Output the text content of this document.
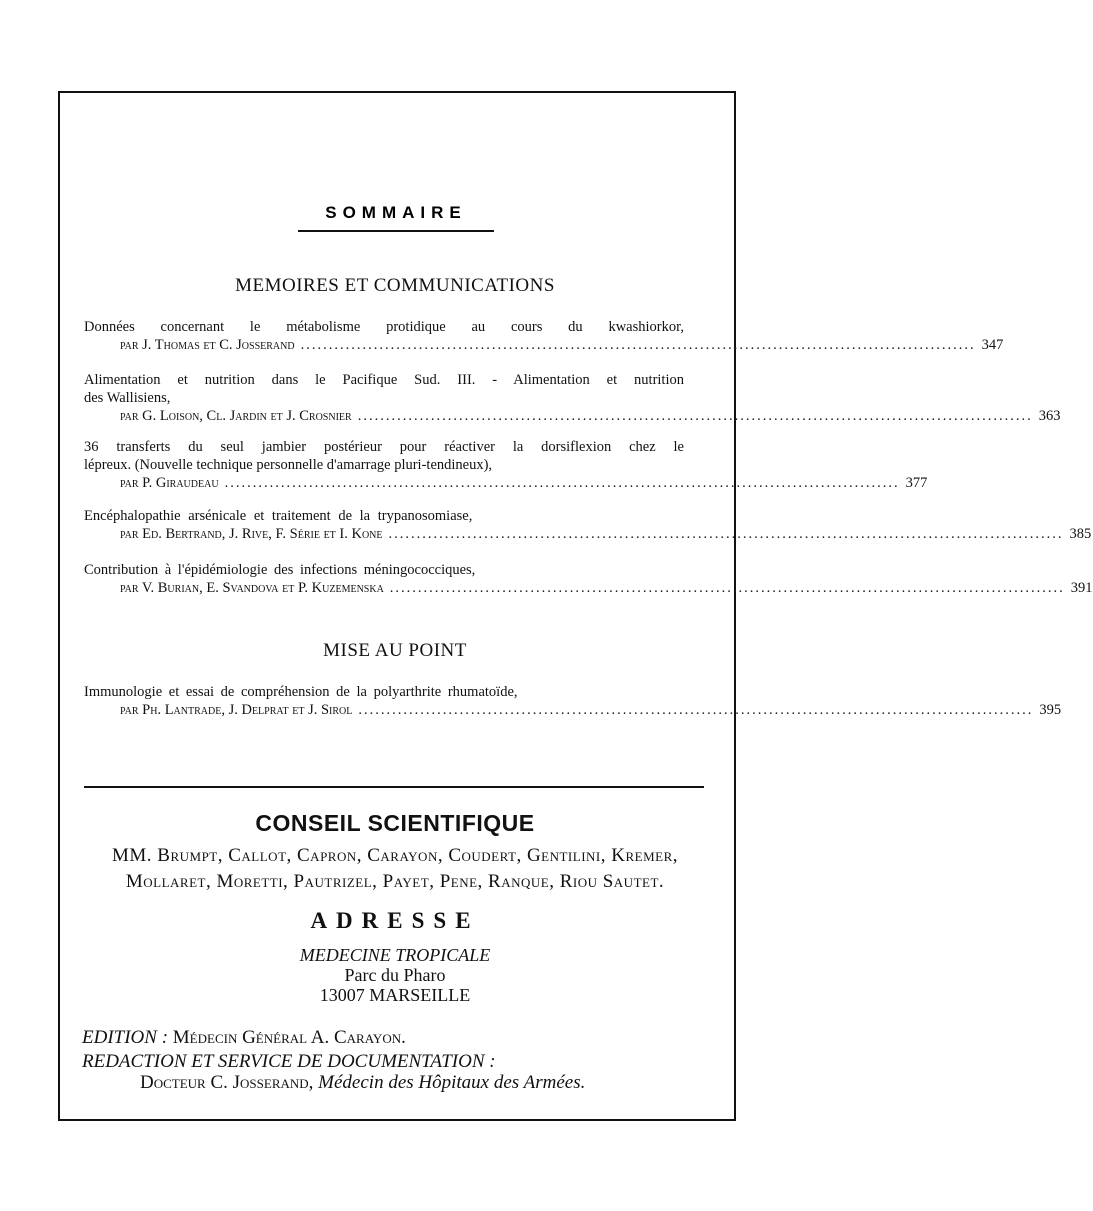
SOMMAIRE
MEMOIRES ET COMMUNICATIONS
Données concernant le métabolisme protidique au cours du kwashiorkor,
par J. Thomas et C. Josserand ........................................................................................................................ 347
Alimentation et nutrition dans le Pacifique Sud. III. - Alimentation et nutrition
des Wallisiens,
par G. Loison, Cl. Jardin et J. Crosnier ........................................................................................................................ 363
36 transferts du seul jambier postérieur pour réactiver la dorsiflexion chez le
lépreux. (Nouvelle technique personnelle d'amarrage pluri-tendineux),
par P. Giraudeau ........................................................................................................................ 377
Encéphalopathie arsénicale et traitement de la trypanosomiase,
par Ed. Bertrand, J. Rive, F. Série et I. Kone ........................................................................................................................ 385
Contribution à l'épidémiologie des infections méningococciques,
par V. Burian, E. Svandova et P. Kuzemenska ........................................................................................................................ 391
MISE AU POINT
Immunologie et essai de compréhension de la polyarthrite rhumatoïde,
par Ph. Lantrade, J. Delprat et J. Sirol ........................................................................................................................ 395
CONSEIL SCIENTIFIQUE
MM. Brumpt, Callot, Capron, Carayon, Coudert, Gentilini, Kremer,
Mollaret, Moretti, Pautrizel, Payet, Pene, Ranque, Riou Sautet.
ADRESSE
MEDECINE TROPICALE
Parc du Pharo
13007 MARSEILLE
EDITION : Médecin Général A. Carayon.
REDACTION ET SERVICE DE DOCUMENTATION :
Docteur C. Josserand, Médecin des Hôpitaux des Armées.
